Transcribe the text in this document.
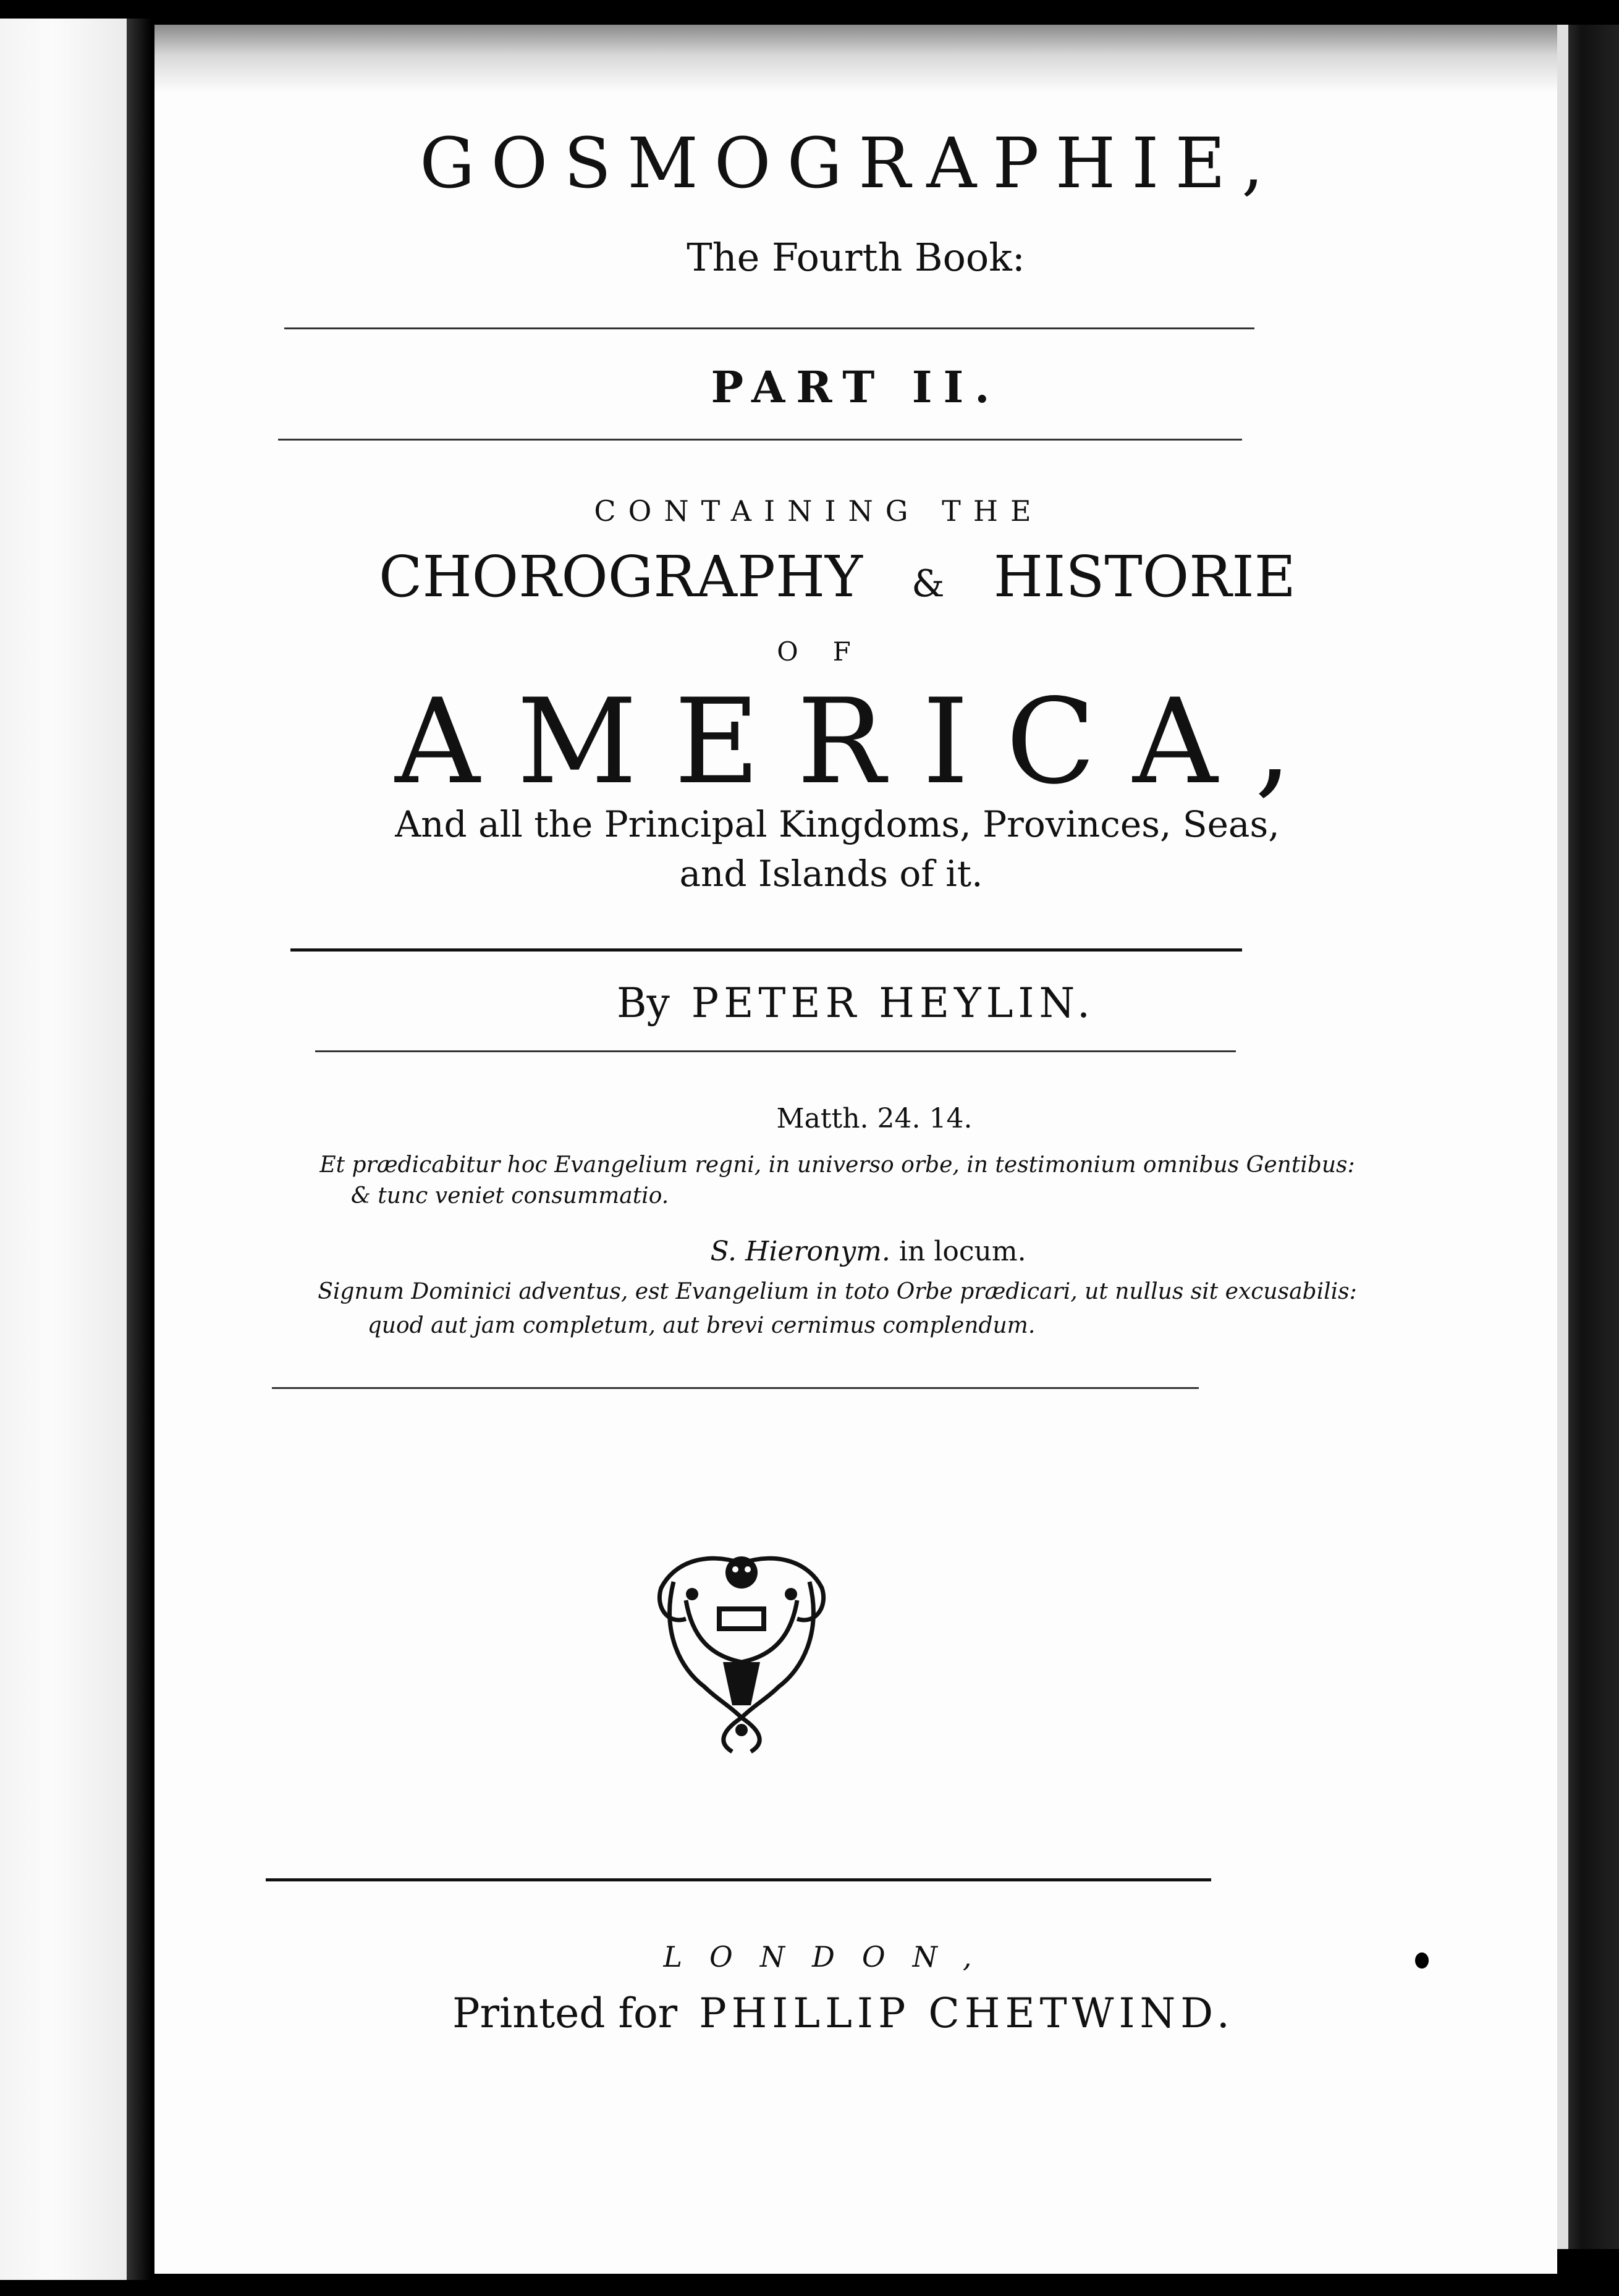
GOSMOGRAPHIE,
The Fourth Book:
PART II.
CONTAINING THE
CHOROGRAPHY & HISTORIE
OF
AMERICA,
And all the Principal Kingdoms, Provinces, Seas,
and Islands of it.
By PETER HEYLIN.
Matth. 24. 14.
Et prædicabitur hoc Evangelium regni, in universo orbe, in testimonium omnibus Gentibus:
& tunc veniet consummatio.
S. Hieronym. in locum.
Signum Dominici adventus, est Evangelium in toto Orbe prædicari, ut nullus sit excusabilis:
quod aut jam completum, aut brevi cernimus complendum.
LONDON,
Printed for PHILLIP CHETWIND.
